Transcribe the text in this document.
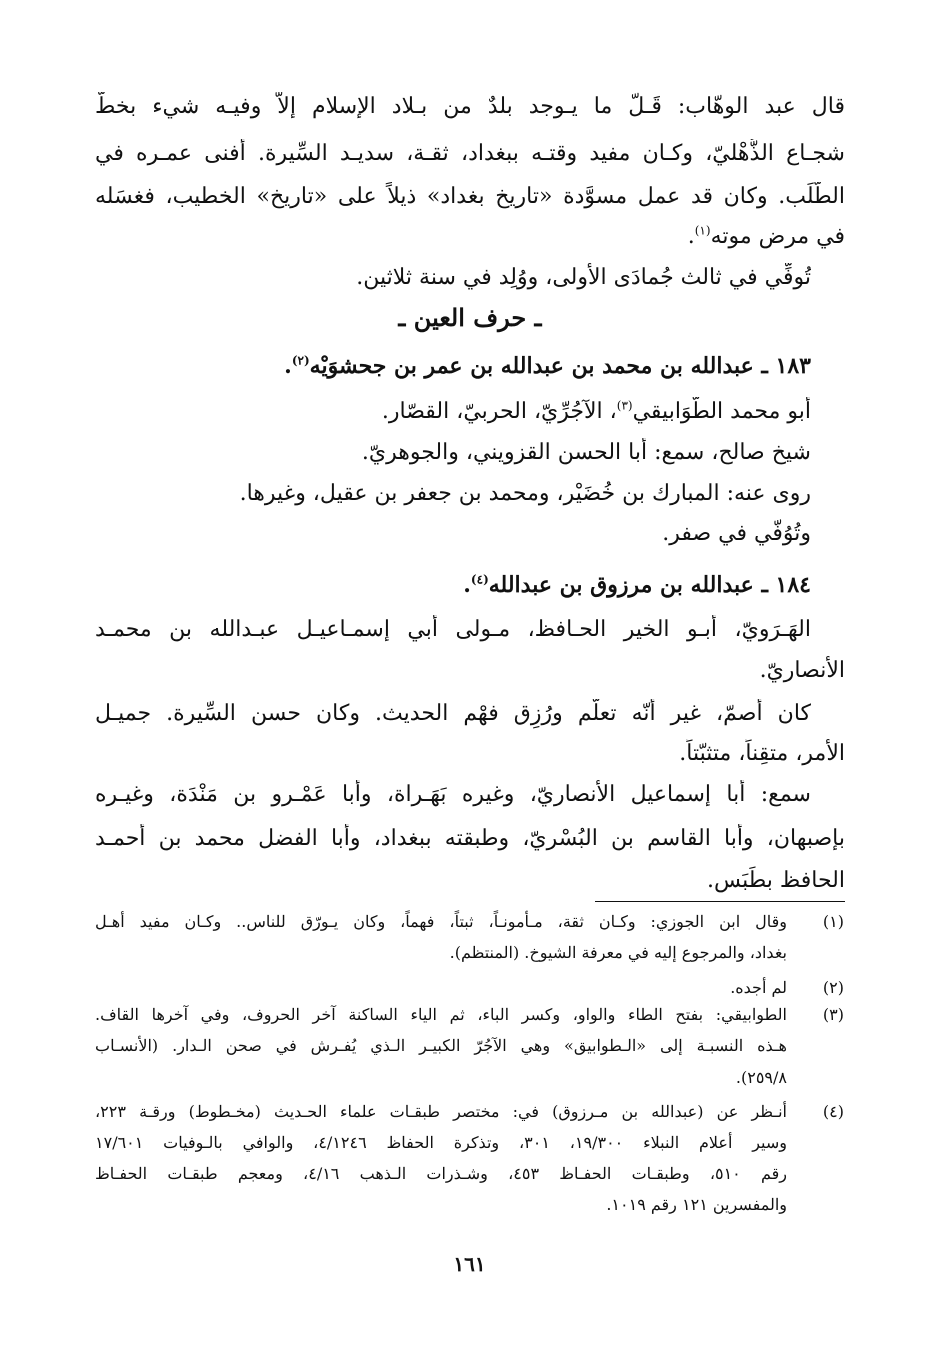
قال عبد الوهّاب: قَـلّ ما يـوجد بلدٌ من بـلاد الإسلام إلاّ وفيـه شيء بخطّ
شجـاع الذُّهْليّ، وكـان مفيد وقتـه ببغداد، ثقـة، سديـد السِّيرة. أفنى عمـره في
الطَّلَب. وكان قد عمل مسوَّدة «تاريخ بغداد» ذيلاً على «تاريخ» الخطيب، فغسَله
في مرض موته$^{(١)}$.
تُوفِّي في ثالث جُمادَى الأولى، ووُلِد في سنة ثلاثين.
ـ حرف العين ـ
١٨٣ ـ عبدالله بن محمد بن عبدالله بن عمر بن جحشوَيْه$^{(٢)}$.
أبو محمد الطَّوَابيقي$^{(٣)}$، الآجُرِّيّ، الحربيّ، القصّار.
شيخ صالح، سمع: أبا الحسن القزويني، والجوهريّ.
روى عنه: المبارك بن خُضَيْر، ومحمد بن جعفر بن عقيل، وغيرها.
وتُوُفّي في صفر.
١٨٤ ـ عبدالله بن مرزوق بن عبدالله$^{(٤)}$.
الهَـرَويّ، أبـو الخير الحـافظ، مـولى أبي إسمـاعيـل عبـدالله بن محمـد
الأنصاريّ.
كان أصمّ، غير أنّه تعلَّم ورُزِق فهْم الحديث. وكان حسن السِّيرة. جميـل
الأمر، متقِناً، متثبّتاً.
سمع: أبا إسماعيل الأنصاريّ، وغيره بَهَـراة، وأبا عَمْـرو بن مَنْدَة، وغيـره
بإصبهان، وأبا القاسم بن البُسْريّ، وطبقته ببغداد، وأبا الفضل محمد بن أحمـد
الحافظ بطَبَس.
(١)
وقال ابن الجوزي: وكـان ثقة، مـأمونـاً، ثبتاً، فهماً، وكان يـورّق للناس.. وكـان مفيد أهـل
بغداد، والمرجوع إليه في معرفة الشيوخ. (المنتظم).
(٢)
لم أجده.
(٣)
الطوابيقي: بفتح الطاء والواو، وكسر الباء، ثم الياء الساكنة آخر الحروف، وفي آخرها القاف.
هـذه النسبـة إلى «الـطوابيق» وهي الآجُرّ الكبيـر الـذي يُفـرش في صحن الـدار. (الأنسـاب
٢٥٩/٨).
(٤)
أنـظر عن (عبدالله بن مـرزوق) في: مختصر طبقـات علماء الحـديث (مخـطوط) ورقـة ٢٢٣،
وسير أعلام النبلاء ١٩/٣٠٠، ٣٠١، وتذكرة الحفاظ ٤/١٢٤٦، والوافي بالـوفيات ١٧/٦٠١
رقم ٥١٠، وطبقـات الحفـاظ ٤٥٣، وشـذرات الـذهب ٤/١٦، ومعجم طبقـات الحفـاظ
والمفسرين ١٢١ رقم ١٠١٩.
١٦١
